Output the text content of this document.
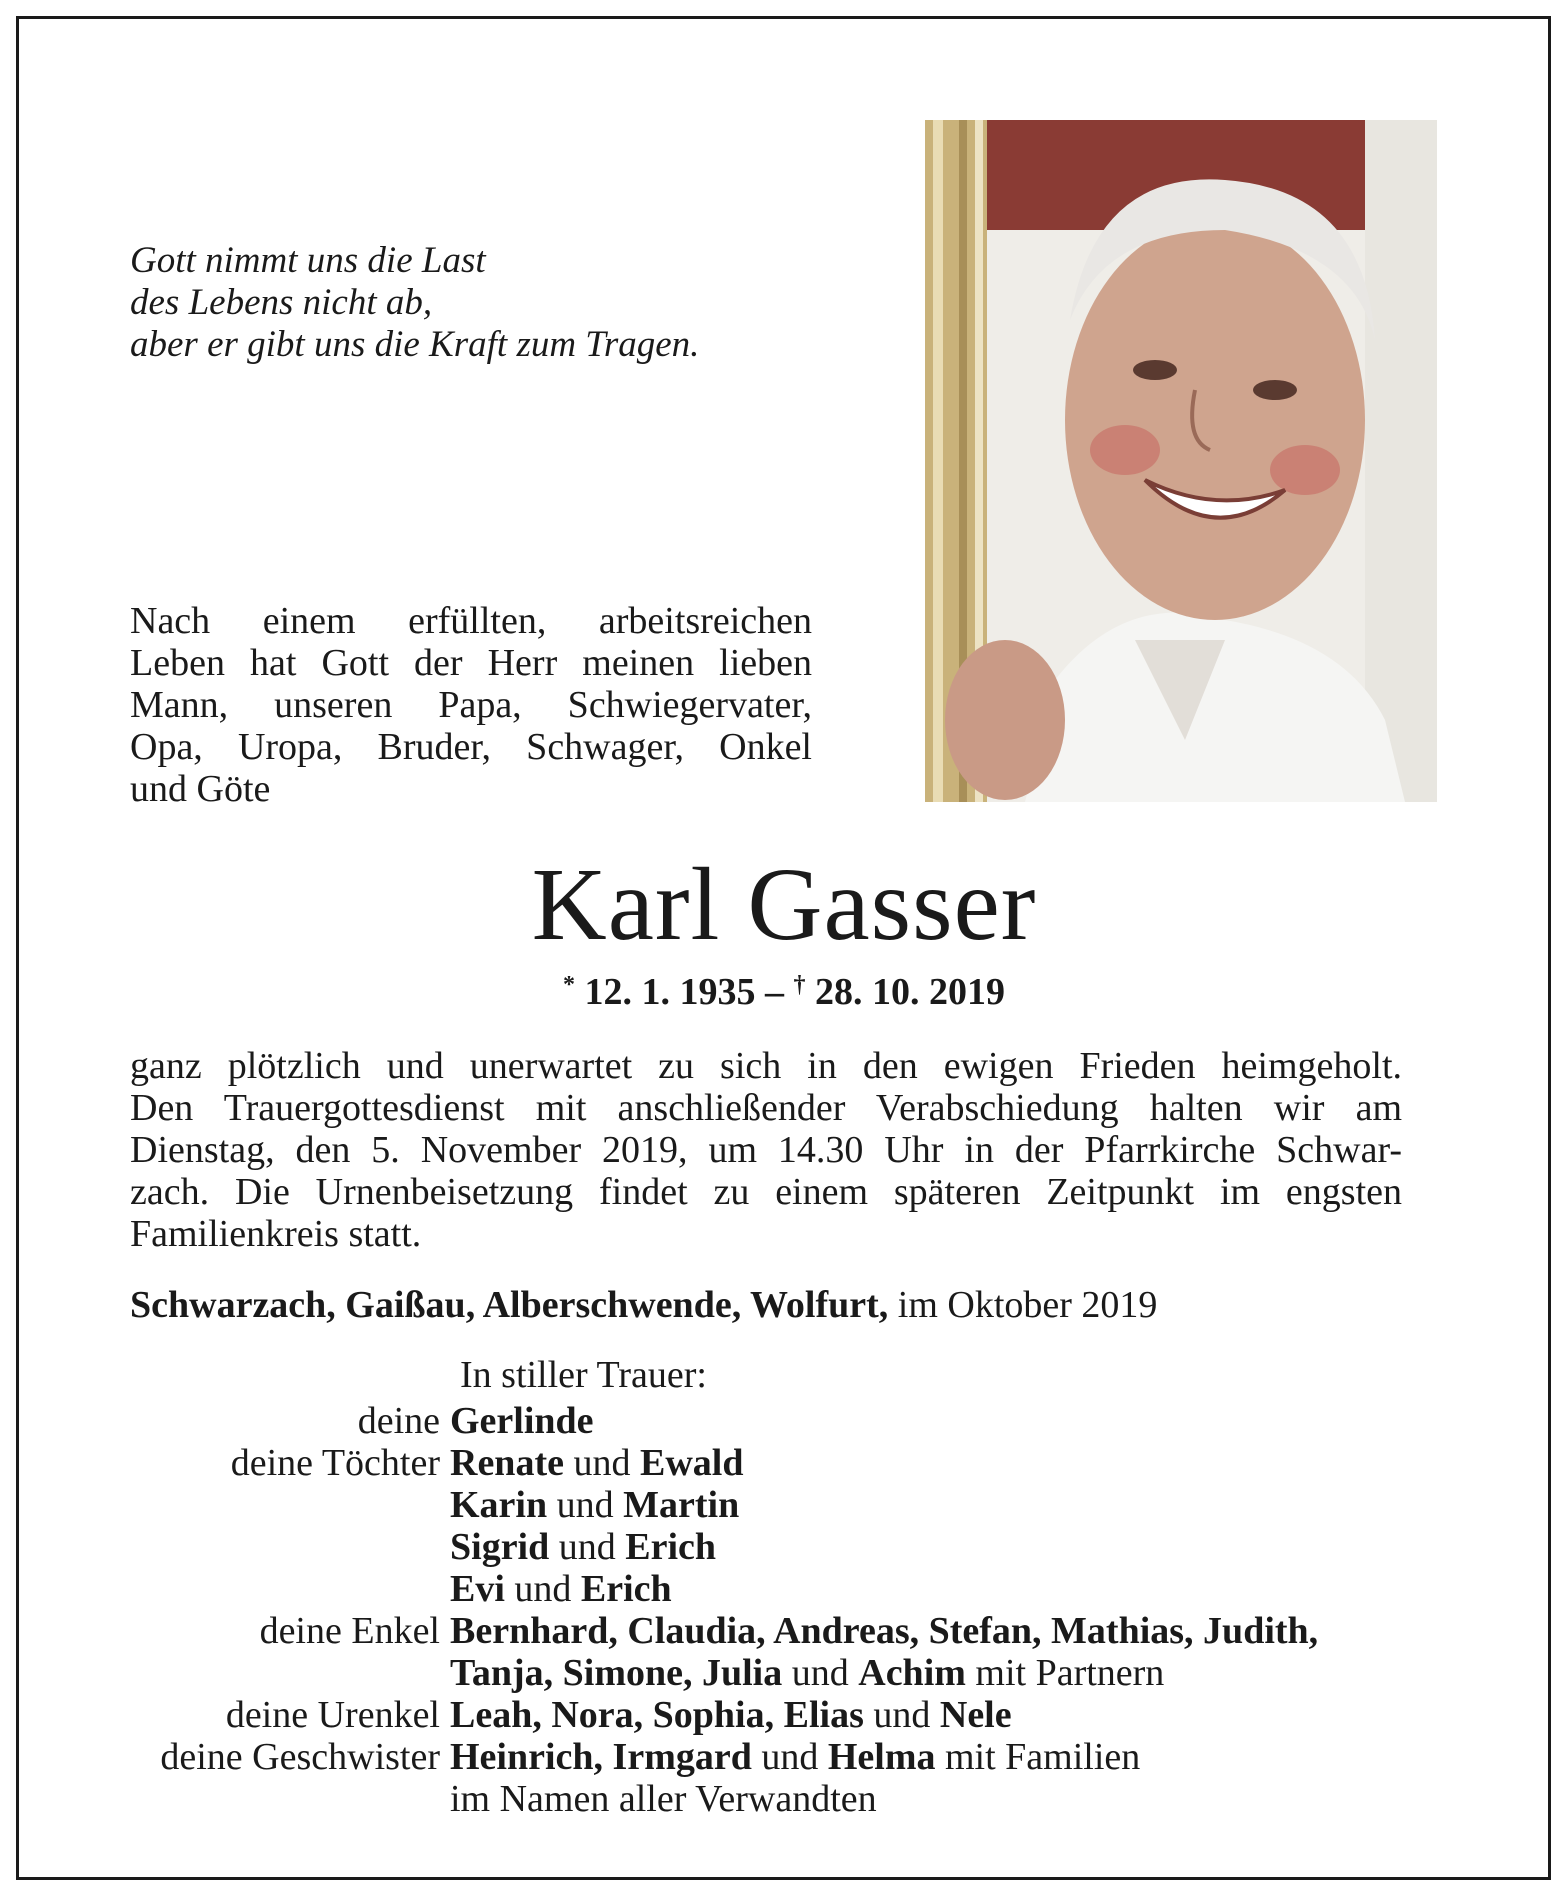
Gott nimmt uns die Last
des Lebens nicht ab,
aber er gibt uns die Kraft zum Tragen.
Nach einem erfüllten, arbeitsreichen
Leben hat Gott der Herr meinen lieben
Mann, unseren Papa, Schwiegervater,
Opa, Uropa, Bruder, Schwager, Onkel
und Göte
Karl Gasser
* 12. 1. 1935 – † 28. 10. 2019
ganz plötzlich und unerwartet zu sich in den ewigen Frieden heimgeholt.
Den Trauergottesdienst mit anschließender Verabschiedung halten wir am
Dienstag, den 5. November 2019, um 14.30 Uhr in der Pfarrkirche Schwar-
zach. Die Urnenbeisetzung findet zu einem späteren Zeitpunkt im engsten
Familienkreis statt.
Schwarzach, Gaißau, Alberschwende, Wolfurt, im Oktober 2019
In stiller Trauer:
deine Gerlinde
deine Töchter Renate und Ewald
Karin und Martin
Sigrid und Erich
Evi und Erich
deine Enkel Bernhard, Claudia, Andreas, Stefan, Mathias, Judith,
Tanja, Simone, Julia und Achim mit Partnern
deine Urenkel Leah, Nora, Sophia, Elias und Nele
deine Geschwister Heinrich, Irmgard und Helma mit Familien
im Namen aller Verwandten
